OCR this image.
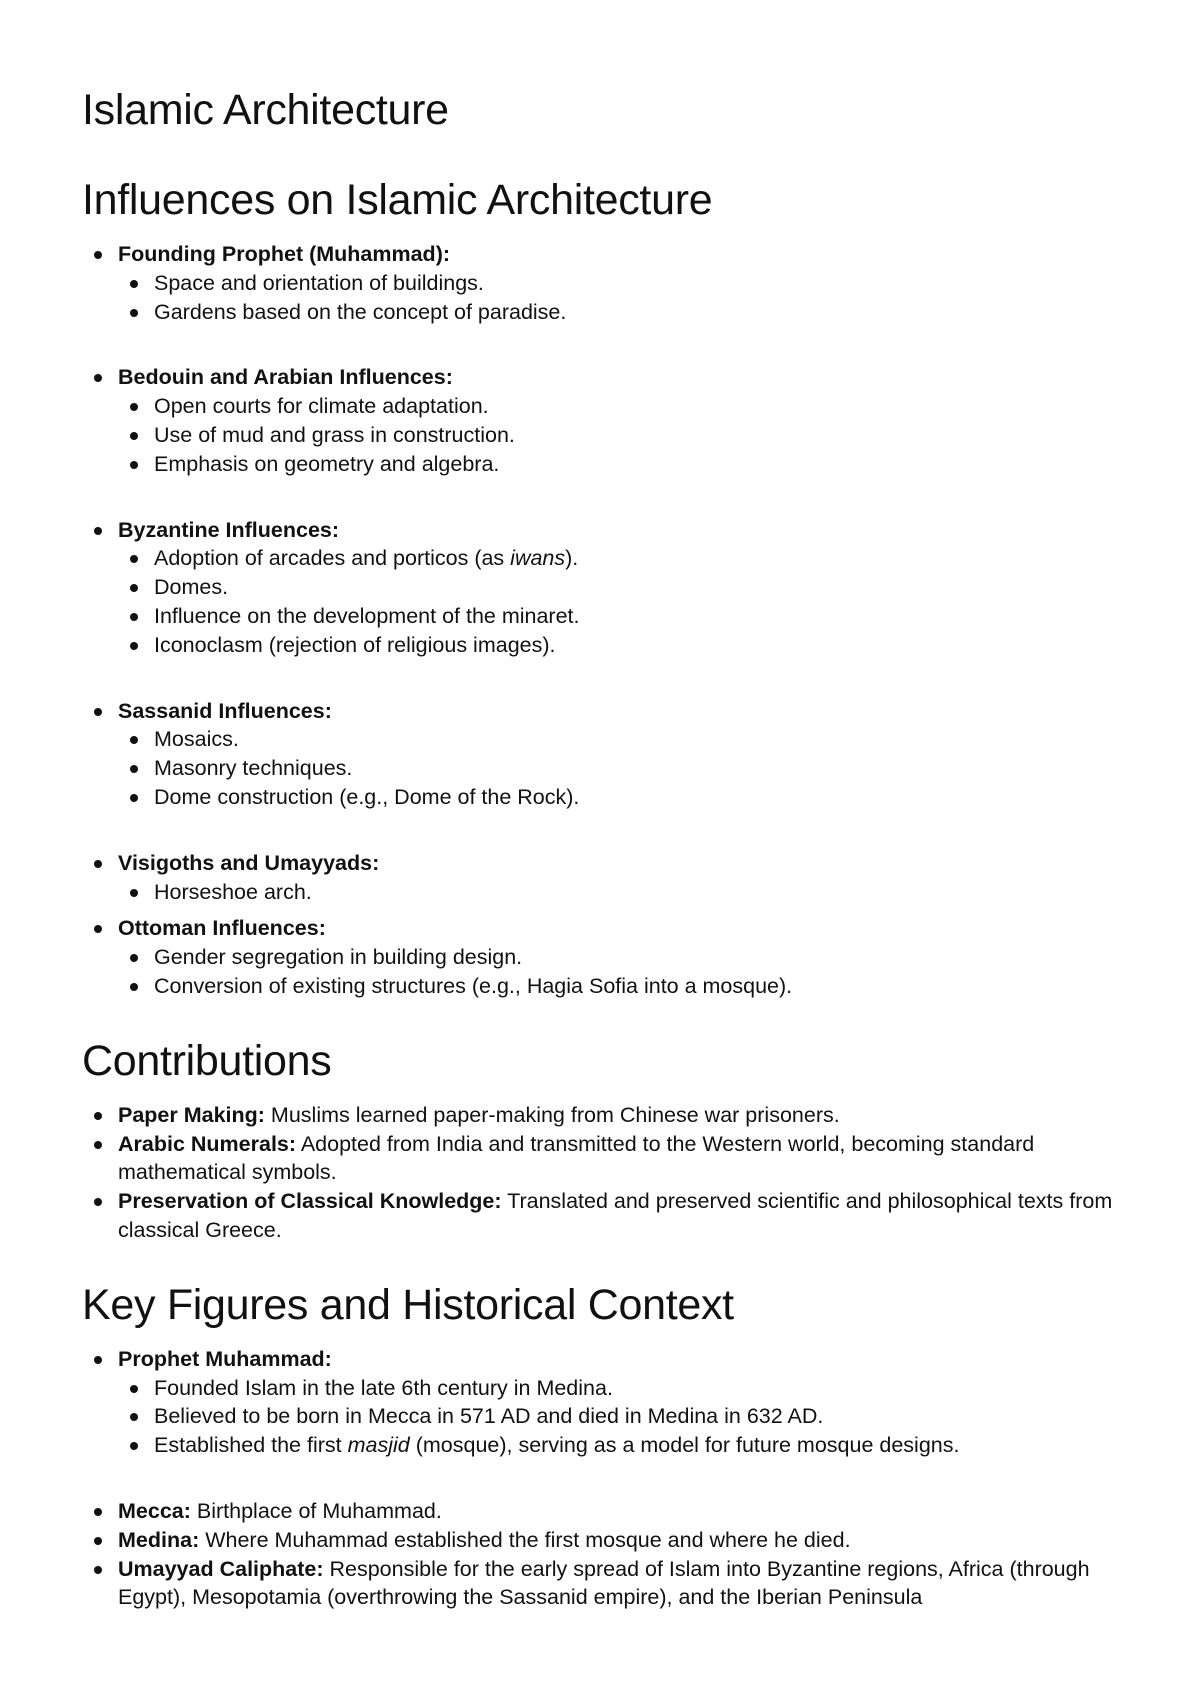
Islamic Architecture
Influences on Islamic Architecture
Founding Prophet (Muhammad):
Space and orientation of buildings.
Gardens based on the concept of paradise.
Bedouin and Arabian Influences:
Open courts for climate adaptation.
Use of mud and grass in construction.
Emphasis on geometry and algebra.
Byzantine Influences:
Adoption of arcades and porticos (as iwans).
Domes.
Influence on the development of the minaret.
Iconoclasm (rejection of religious images).
Sassanid Influences:
Mosaics.
Masonry techniques.
Dome construction (e.g., Dome of the Rock).
Visigoths and Umayyads:
Horseshoe arch.
Ottoman Influences:
Gender segregation in building design.
Conversion of existing structures (e.g., Hagia Sofia into a mosque).
Contributions
Paper Making: Muslims learned paper-making from Chinese war prisoners.
Arabic Numerals: Adopted from India and transmitted to the Western world, becoming standard mathematical symbols.
Preservation of Classical Knowledge: Translated and preserved scientific and philosophical texts from classical Greece.
Key Figures and Historical Context
Prophet Muhammad:
Founded Islam in the late 6th century in Medina.
Believed to be born in Mecca in 571 AD and died in Medina in 632 AD.
Established the first masjid (mosque), serving as a model for future mosque designs.
Mecca: Birthplace of Muhammad.
Medina: Where Muhammad established the first mosque and where he died.
Umayyad Caliphate: Responsible for the early spread of Islam into Byzantine regions, Africa (through Egypt), Mesopotamia (overthrowing the Sassanid empire), and the Iberian Peninsula
